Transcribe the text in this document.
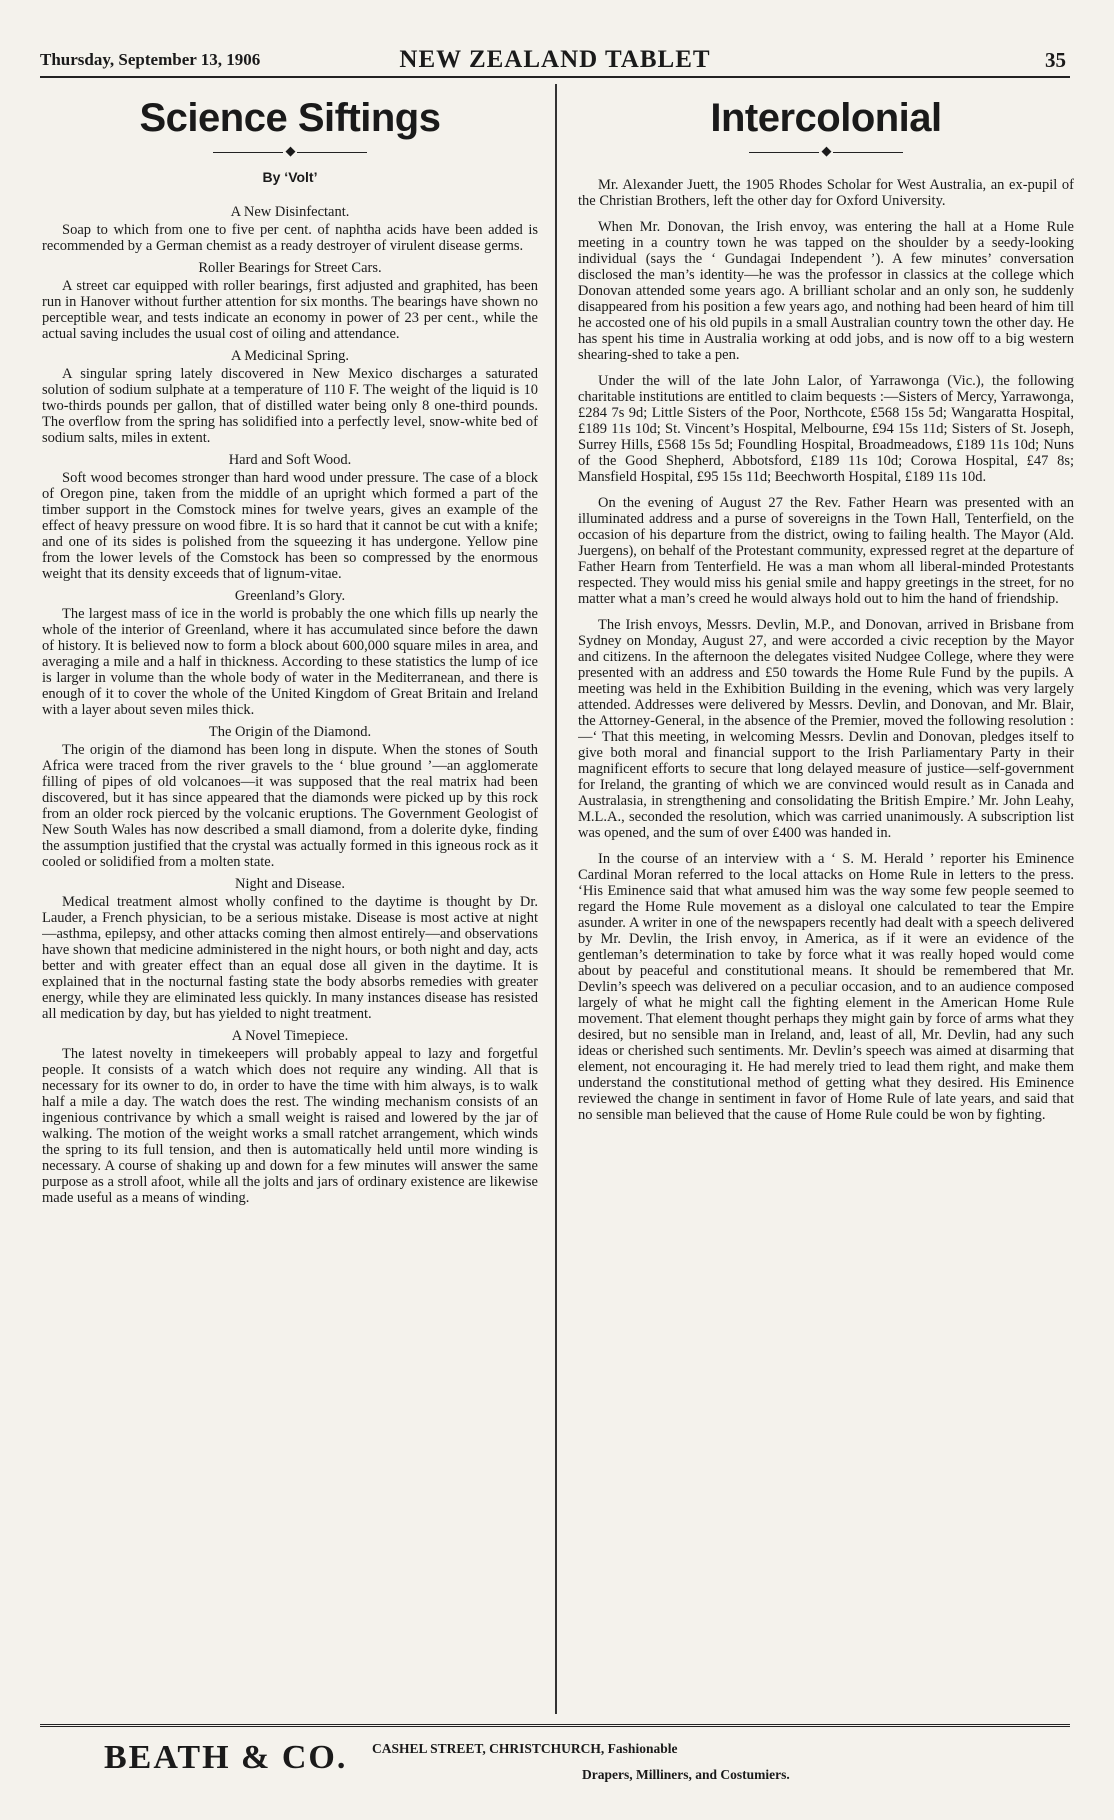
Thursday, September 13, 1906	NEW ZEALAND TABLET	35
Science Siftings
◆
By ‘Volt’
A New Disinfectant.

Soap to which from one to five per cent. of naphtha acids have been added is recommended by a German chemist as a ready destroyer of virulent disease germs.

Roller Bearings for Street Cars.

A street car equipped with roller bearings, first adjusted and graphited, has been run in Hanover without further attention for six months. The bearings have shown no perceptible wear, and tests indicate an economy in power of 23 per cent., while the actual saving includes the usual cost of oiling and attendance.

A Medicinal Spring.

A singular spring lately discovered in New Mexico discharges a saturated solution of sodium sulphate at a temperature of 110 F. The weight of the liquid is 10 two-thirds pounds per gallon, that of distilled water being only 8 one-third pounds. The overflow from the spring has solidified into a perfectly level, snow-white bed of sodium salts, miles in extent.

Hard and Soft Wood.

Soft wood becomes stronger than hard wood under pressure. The case of a block of Oregon pine, taken from the middle of an upright which formed a part of the timber support in the Comstock mines for twelve years, gives an example of the effect of heavy pressure on wood fibre. It is so hard that it cannot be cut with a knife; and one of its sides is polished from the squeezing it has undergone. Yellow pine from the lower levels of the Comstock has been so compressed by the enormous weight that its density exceeds that of lignum-vitae.

Greenland’s Glory.

The largest mass of ice in the world is probably the one which fills up nearly the whole of the interior of Greenland, where it has accumulated since before the dawn of history. It is believed now to form a block about 600,000 square miles in area, and averaging a mile and a half in thickness. According to these statistics the lump of ice is larger in volume than the whole body of water in the Mediterranean, and there is enough of it to cover the whole of the United Kingdom of Great Britain and Ireland with a layer about seven miles thick.

The Origin of the Diamond.

The origin of the diamond has been long in dispute. When the stones of South Africa were traced from the river gravels to the ‘ blue ground ’—an agglomerate filling of pipes of old volcanoes—it was supposed that the real matrix had been discovered, but it has since appeared that the diamonds were picked up by this rock from an older rock pierced by the volcanic eruptions. The Government Geologist of New South Wales has now described a small diamond, from a dolerite dyke, finding the assumption justified that the crystal was actually formed in this igneous rock as it cooled or solidified from a molten state.

Night and Disease.

Medical treatment almost wholly confined to the daytime is thought by Dr. Lauder, a French physician, to be a serious mistake. Disease is most active at night —asthma, epilepsy, and other attacks coming then almost entirely—and observations have shown that medicine administered in the night hours, or both night and day, acts better and with greater effect than an equal dose all given in the daytime. It is explained that in the nocturnal fasting state the body absorbs remedies with greater energy, while they are eliminated less quickly. In many instances disease has resisted all medication by day, but has yielded to night treatment.

A Novel Timepiece.

The latest novelty in timekeepers will probably appeal to lazy and forgetful people. It consists of a watch which does not require any winding. All that is necessary for its owner to do, in order to have the time with him always, is to walk half a mile a day. The watch does the rest. The winding mechanism consists of an ingenious contrivance by which a small weight is raised and lowered by the jar of walking. The motion of the weight works a small ratchet arrangement, which winds the spring to its full tension, and then is automatically held until more winding is necessary. A course of shaking up and down for a few minutes will answer the same purpose as a stroll afoot, while all the jolts and jars of ordinary existence are likewise made useful as a means of winding.

Intercolonial
◆

Mr. Alexander Juett, the 1905 Rhodes Scholar for West Australia, an ex-pupil of the Christian Brothers, left the other day for Oxford University.

When Mr. Donovan, the Irish envoy, was entering the hall at a Home Rule meeting in a country town he was tapped on the shoulder by a seedy-looking individual (says the ‘ Gundagai Independent ’). A few minutes’ conversation disclosed the man’s identity—he was the professor in classics at the college which Donovan attended some years ago. A brilliant scholar and an only son, he suddenly disappeared from his position a few years ago, and nothing had been heard of him till he accosted one of his old pupils in a small Australian country town the other day. He has spent his time in Australia working at odd jobs, and is now off to a big western shearing-shed to take a pen.

Under the will of the late John Lalor, of Yarrawonga (Vic.), the following charitable institutions are entitled to claim bequests :—Sisters of Mercy, Yarrawonga, £284 7s 9d; Little Sisters of the Poor, Northcote, £568 15s 5d; Wangaratta Hospital, £189 11s 10d; St. Vincent’s Hospital, Melbourne, £94 15s 11d; Sisters of St. Joseph, Surrey Hills, £568 15s 5d; Foundling Hospital, Broadmeadows, £189 11s 10d; Nuns of the Good Shepherd, Abbotsford, £189 11s 10d; Corowa Hospital, £47 8s; Mansfield Hospital, £95 15s 11d; Beechworth Hospital, £189 11s 10d.

On the evening of August 27 the Rev. Father Hearn was presented with an illuminated address and a purse of sovereigns in the Town Hall, Tenterfield, on the occasion of his departure from the district, owing to failing health. The Mayor (Ald. Juergens), on behalf of the Protestant community, expressed regret at the departure of Father Hearn from Tenterfield. He was a man whom all liberal-minded Protestants respected. They would miss his genial smile and happy greetings in the street, for no matter what a man’s creed he would always hold out to him the hand of friendship.

The Irish envoys, Messrs. Devlin, M.P., and Donovan, arrived in Brisbane from Sydney on Monday, August 27, and were accorded a civic reception by the Mayor and citizens. In the afternoon the delegates visited Nudgee College, where they were presented with an address and £50 towards the Home Rule Fund by the pupils. A meeting was held in the Exhibition Building in the evening, which was very largely attended. Addresses were delivered by Messrs. Devlin, and Donovan, and Mr. Blair, the Attorney-General, in the absence of the Premier, moved the following resolution :—‘ That this meeting, in welcoming Messrs. Devlin and Donovan, pledges itself to give both moral and financial support to the Irish Parliamentary Party in their magnificent efforts to secure that long delayed measure of justice—self-government for Ireland, the granting of which we are convinced would result as in Canada and Australasia, in strengthening and consolidating the British Empire.’ Mr. John Leahy, M.L.A., seconded the resolution, which was carried unanimously. A subscription list was opened, and the sum of over £400 was handed in.

In the course of an interview with a ‘ S. M. Herald ’ reporter his Eminence Cardinal Moran referred to the local attacks on Home Rule in letters to the press. ‘His Eminence said that what amused him was the way some few people seemed to regard the Home Rule movement as a disloyal one calculated to tear the Empire asunder. A writer in one of the newspapers recently had dealt with a speech delivered by Mr. Devlin, the Irish envoy, in America, as if it were an evidence of the gentleman’s determination to take by force what it was really hoped would come about by peaceful and constitutional means. It should be remembered that Mr. Devlin’s speech was delivered on a peculiar occasion, and to an audience composed largely of what he might call the fighting element in the American Home Rule movement. That element thought perhaps they might gain by force of arms what they desired, but no sensible man in Ireland, and, least of all, Mr. Devlin, had any such ideas or cherished such sentiments. Mr. Devlin’s speech was aimed at disarming that element, not encouraging it. He had merely tried to lead them right, and make them understand the constitutional method of getting what they desired. His Eminence reviewed the change in sentiment in favor of Home Rule of late years, and said that no sensible man believed that the cause of Home Rule could be won by fighting.

BEATH & CO. CASHEL STREET, CHRISTCHURCH, Fashionable
Drapers, Milliners, and Costumiers.
